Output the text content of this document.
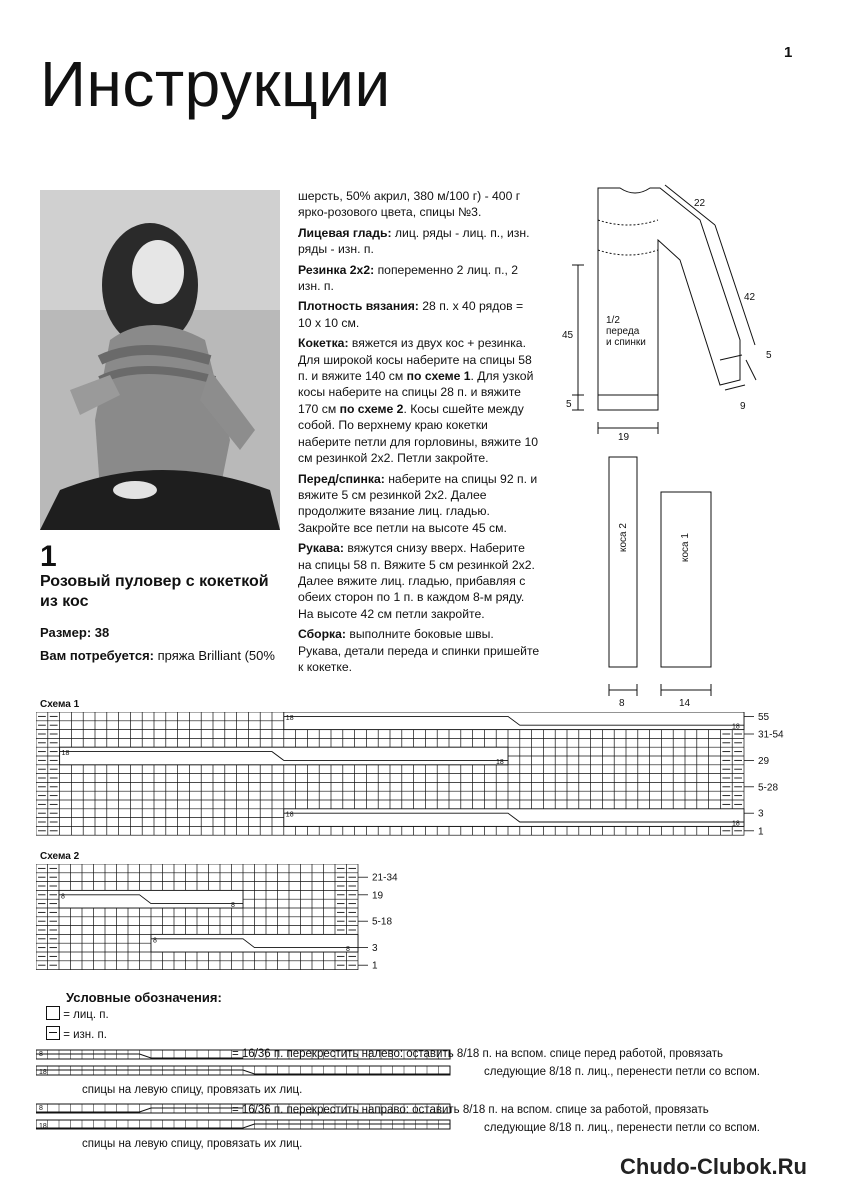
1
Инструкции
1
Розовый пуловер с кокеткой из кос
Размер: 38
Вам потребуется: пряжа Brilliant (50%

шерсть, 50% акрил, 380 м/100 г) - 400 г ярко-розового цвета, спицы №3.

Лицевая гладь: лиц. ряды - лиц. п., изн. ряды - изн. п.

Резинка 2х2: попеременно 2 лиц. п., 2 изн. п.

Плотность вязания: 28 п. х 40 рядов = 10 х 10 см.

Кокетка: вяжется из двух кос + резинка. Для широкой косы наберите на спицы 58 п. и вяжите 140 см по схеме 1. Для узкой косы наберите на спицы 28 п. и вяжите 170 см по схеме 2. Косы сшейте между собой. По верхнему краю кокетки наберите петли для горловины, вяжите 10 см резинкой 2х2. Петли закройте.

Перед/спинка: наберите на спицы 92 п. и вяжите 5 см резинкой 2х2. Далее продолжите вязание лиц. гладью. Закройте все петли на высоте 45 см.

Рукава: вяжутся снизу вверх. Наберите на спицы 58 п. Вяжите 5 см резинкой 2х2. Далее вяжите лиц. гладью, прибавляя с обеих сторон по 1 п. в каждом 8-м ряду. На высоте 42 см петли закройте.

Сборка: выполните боковые швы. Рукава, детали переда и спинки пришейте к кокетке.

1/2 переда и спинки
22
42
45
5
5
9
19
коса 2	коса 1
8	14
Схема 1
18
18
18
18
18
18
55
31-54
29
5-28
3
1
Схема 2
8
8
8
8
21-34
19
5-18
3
1
Условные обозначения:
= лиц. п.
= изн. п.
8
18
= 16/36 п. перекрестить налево: оставить 8/18 п. на вспом. спице перед работой, провязать
следующие 8/18 п. лиц., перенести петли со вспом.
спицы на левую спицу, провязать их лиц.
8
18
= 16/36 п. перекрестить направо: оставить 8/18 п. на вспом. спице за работой, провязать
следующие 8/18 п. лиц., перенести петли со вспом.
спицы на левую спицу, провязать их лиц.
Chudo-Clubok.Ru
